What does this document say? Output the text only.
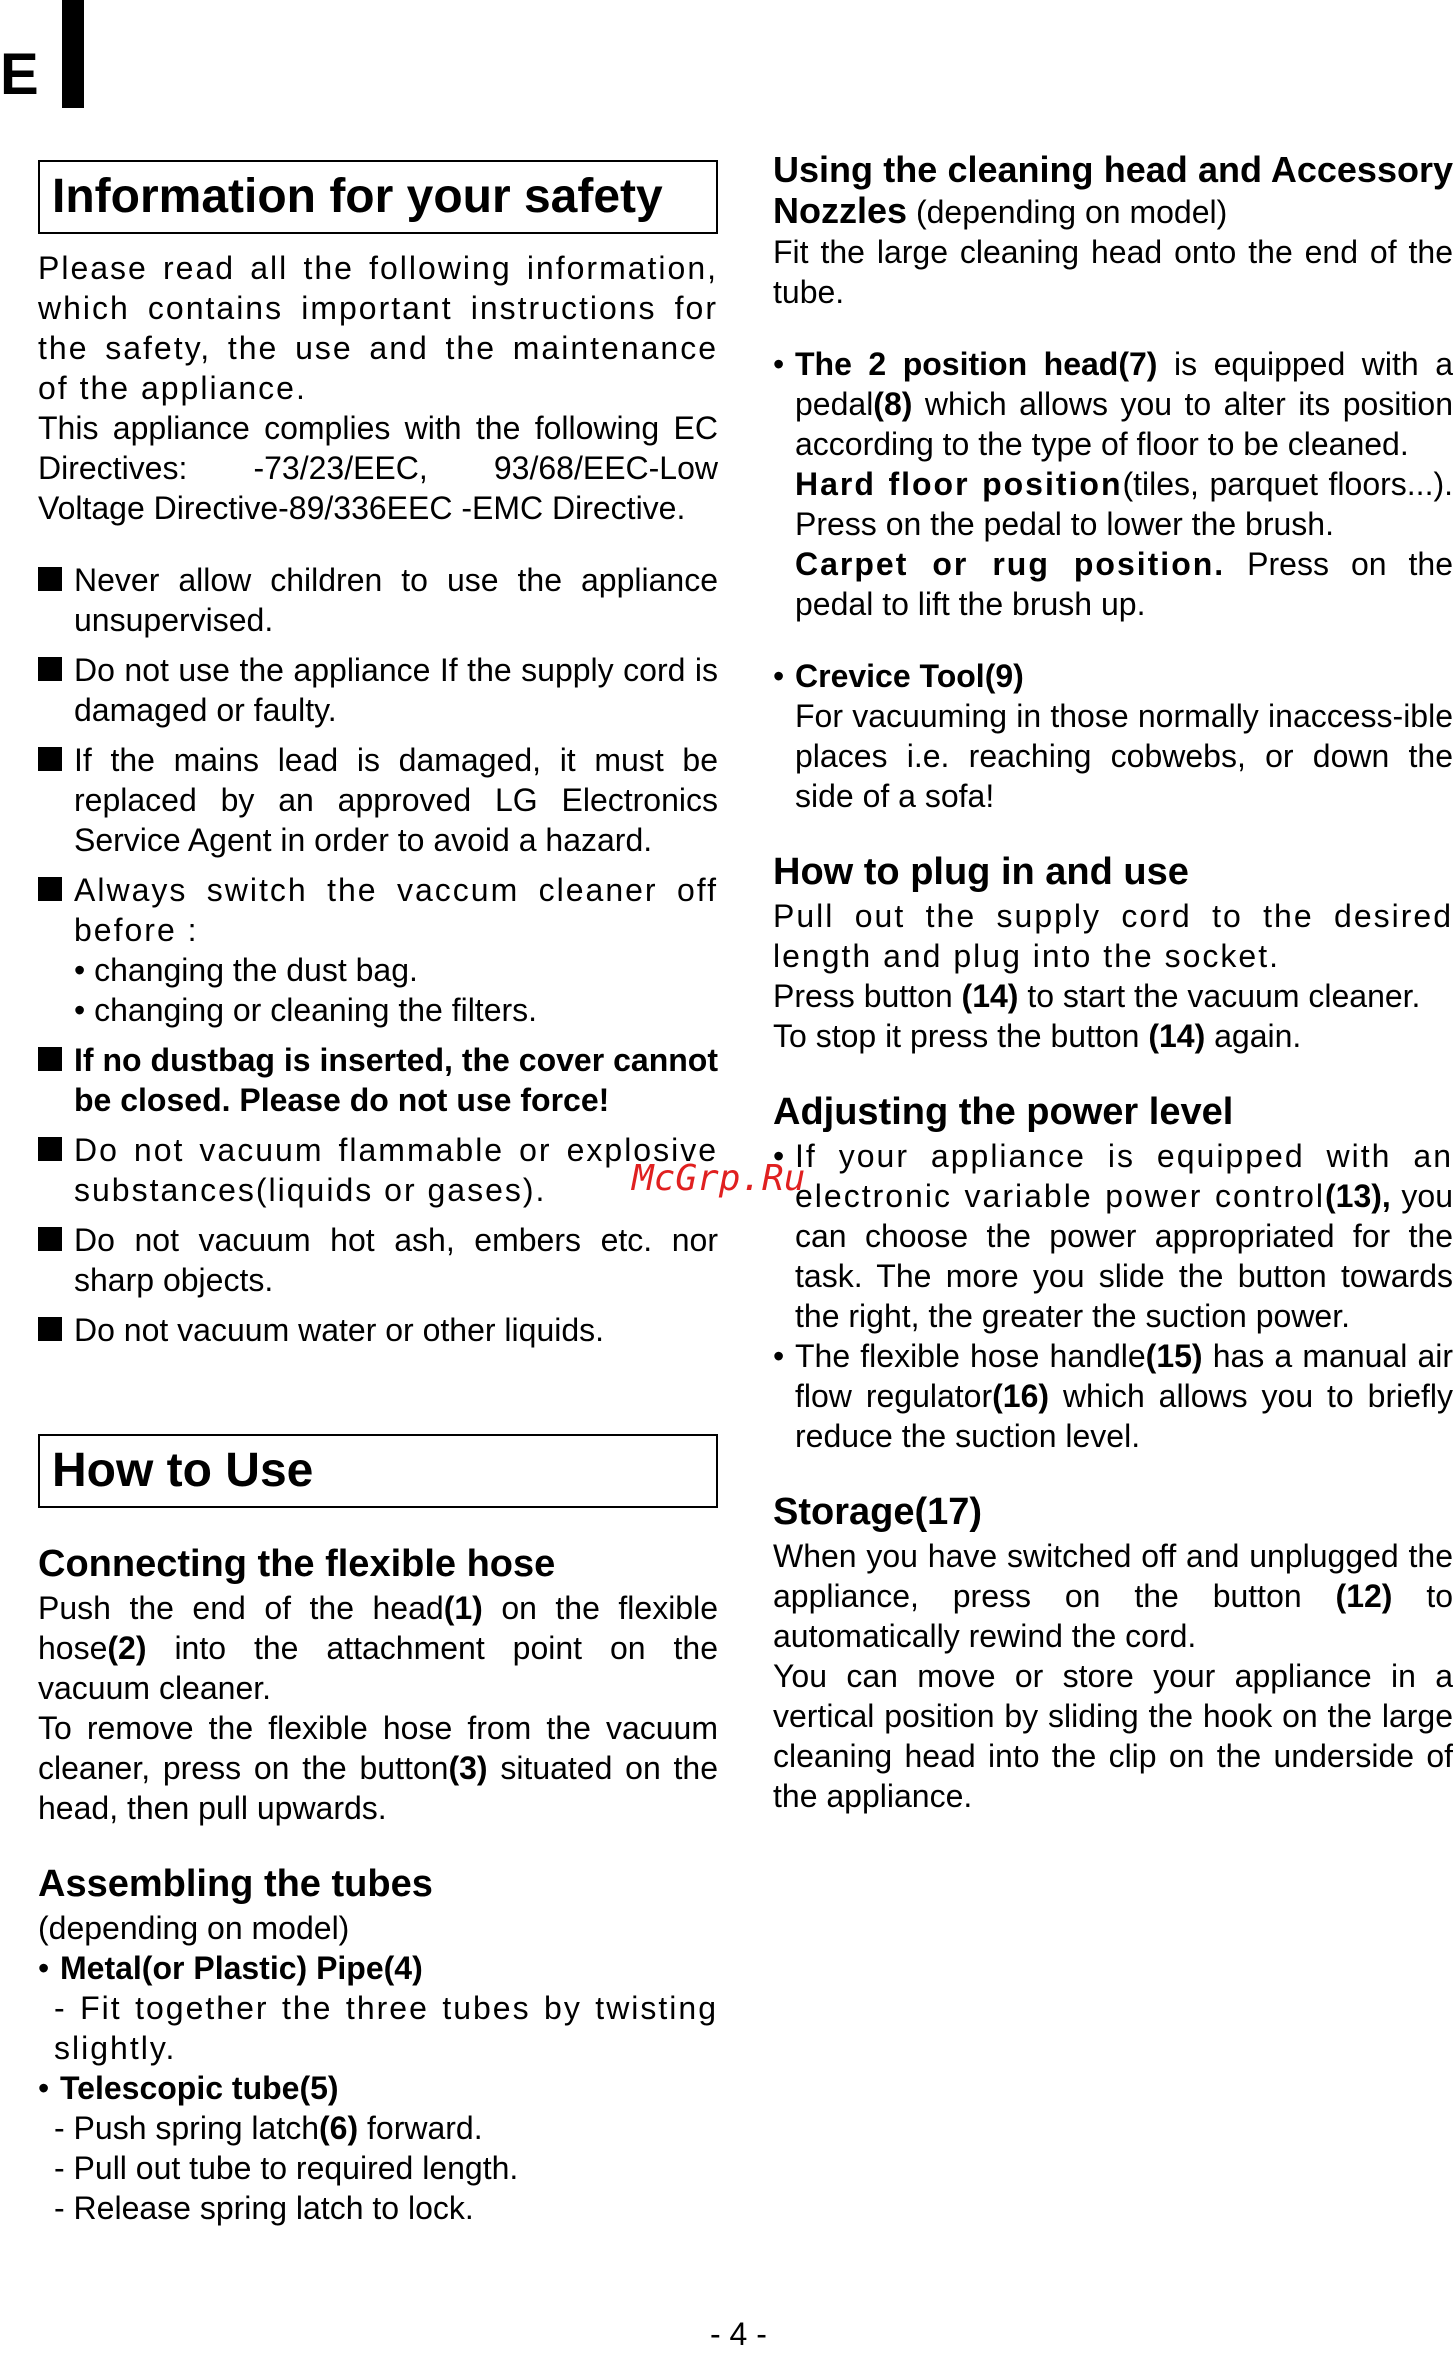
E
Information for your safety

Please read all the following information, which contains important instructions for the safety, the use and the maintenance of the appliance.

This appliance complies with the following EC Directives: -73/23/EEC, 93/68/EEC-Low Voltage Directive-89/336EEC -EMC Directive.

Never allow children to use the appliance unsupervised.
Do not use the appliance If the supply cord is damaged or faulty.
If the mains lead is damaged, it must be replaced by an approved LG Electronics Service Agent in order to avoid a hazard.
Always switch the vaccum cleaner off before :
• changing the dust bag.
• changing or cleaning the filters.
If no dustbag is inserted, the cover cannot be closed. Please do not use force!
Do not vacuum flammable or explosive substances(liquids or gases).
Do not vacuum hot ash, embers etc. nor sharp objects.
Do not vacuum water or other liquids.
How to Use
Connecting the flexible hose

Push the end of the head(1) on the flexible hose(2) into the attachment point on the vacuum cleaner.

To remove the flexible hose from the vacuum cleaner, press on the button(3) situated on the head, then pull upwards.

Assembling the tubes

(depending on model)

• Metal(or Plastic) Pipe(4)

- Fit together the three tubes by twisting slightly.

• Telescopic tube(5)

- Push spring latch(6) forward.

- Pull out tube to required length.

- Release spring latch to lock.

Using the cleaning head and Accessory Nozzles (depending on model)

Fit the large cleaning head onto the end of the tube.

• The 2 position head(7) is equipped with a pedal(8) which allows you to alter its position according to the type of floor to be cleaned.
Hard floor position(tiles, parquet floors...). Press on the pedal to lower the brush.
Carpet or rug position. Press on the pedal to lift the brush up.
• Crevice Tool(9)
For vacuuming in those normally inaccess-ible places i.e. reaching cobwebs, or down the side of a sofa!
How to plug in and use

Pull out the supply cord to the desired length and plug into the socket.

Press button (14) to start the vacuum cleaner.

To stop it press the button (14) again.

Adjusting the power level
• If your appliance is equipped with an electronic variable power control(13), you can choose the power appropriated for the task. The more you slide the button towards the right, the greater the suction power.
• The flexible hose handle(15) has a manual air flow regulator(16) which allows you to briefly reduce the suction level.
Storage(17)

When you have switched off and unplugged the appliance, press on the button (12) to automatically rewind the cord.

You can move or store your appliance in a vertical position by sliding the hook on the large cleaning head into the clip on the underside of the appliance.

McGrp.Ru
- 4 -
